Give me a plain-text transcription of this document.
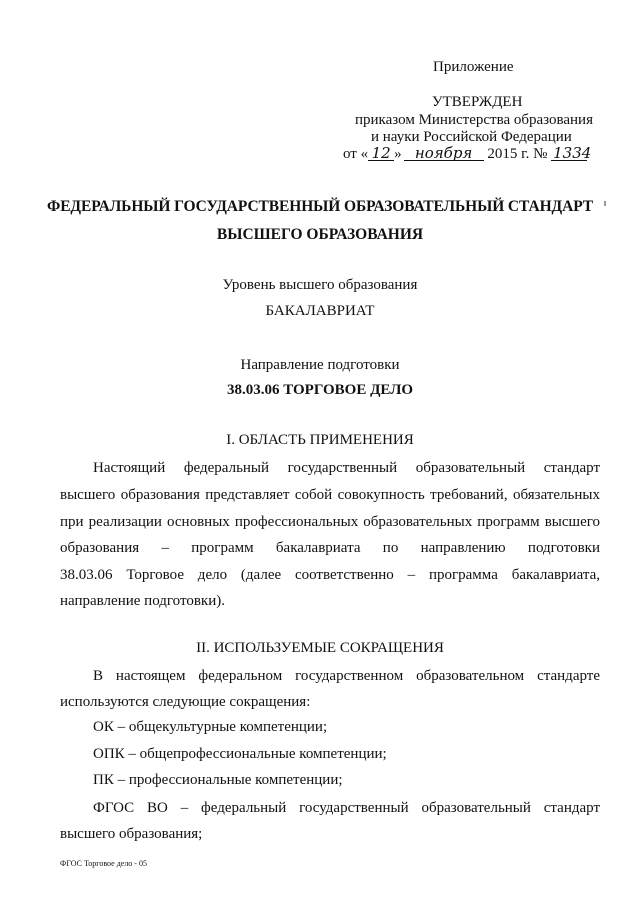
Приложение
УТВЕРЖДЕН
приказом Министерства образования
и науки Российской Федерации
от « 12 » ноября 2015 г. № 1334
ФЕДЕРАЛЬНЫЙ ГОСУДАРСТВЕННЫЙ ОБРАЗОВАТЕЛЬНЫЙ СТАНДАРТ
ВЫСШЕГО ОБРАЗОВАНИЯ
Уровень высшего образования
БАКАЛАВРИАТ
Направление подготовки
38.03.06 ТОРГОВОЕ ДЕЛО
I. ОБЛАСТЬ ПРИМЕНЕНИЯ
Настоящий федеральный государственный образовательный стандарт
высшего образования представляет собой совокупность требований, обязательных
при реализации основных профессиональных образовательных программ высшего
образования – программ бакалавриата по направлению подготовки
38.03.06 Торговое дело (далее соответственно – программа бакалавриата,
направление подготовки).
II. ИСПОЛЬЗУЕМЫЕ СОКРАЩЕНИЯ
В настоящем федеральном государственном образовательном стандарте
используются следующие сокращения:
ОК – общекультурные компетенции;
ОПК – общепрофессиональные компетенции;
ПК – профессиональные компетенции;
ФГОС ВО – федеральный государственный образовательный стандарт
высшего образования;
ФГОС Торговое дело - 05
